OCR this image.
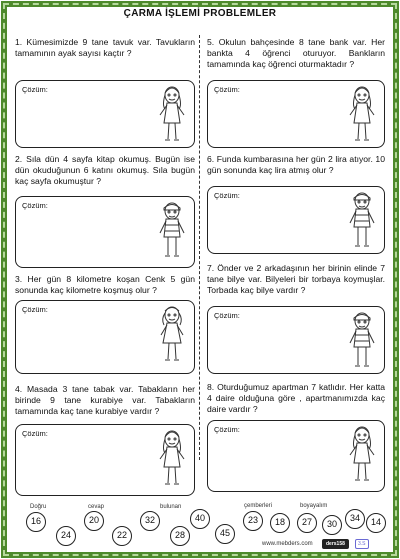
ÇARMA İŞLEMİ PROBLEMLER
1. Kümesimizde 9 tane tavuk var. Tavukların tamamının ayak sayısı kaçtır ?
2. Sıla dün 4 sayfa kitap okumuş. Bugün ise dün okuduğunun 6 katını okumuş. Sıla bugün kaç sayfa okumuştur ?
3. Her gün 8 kilometre koşan Cenk 5 gün sonunda kaç kilometre koşmuş olur ?
4. Masada 3 tane tabak var. Tabakların her birinde 9 tane kurabiye var. Tabakların tamamında kaç tane kurabiye vardır ?
5. Okulun bahçesinde 8 tane bank var. Her bankta 4 öğrenci oturuyor. Bankların tamamında kaç öğrenci oturmaktadır ?
6. Funda kumbarasına her gün 2 lira atıyor. 10 gün sonunda kaç lira atmış olur ?
7. Önder ve 2 arkadaşının her birinin elinde 7 tane bilye var. Bilyeleri bir torbaya koymuşlar. Torbada kaç bilye vardır ?
8. Oturduğumuz apartman 7 katlıdır. Her katta 4 daire olduğuna göre , apartmanımızda kaç daire vardır ?
Çözüm:
Çözüm:
Çözüm:
Çözüm:
Çözüm:
Çözüm:
Çözüm:
Çözüm:
Doğru	cevap	bulunan	çemberleri	boyayalım
16
24
20
22
32
28
40
45
23	18	27	30
34	14
www.mebders.com	ders158	3.S
